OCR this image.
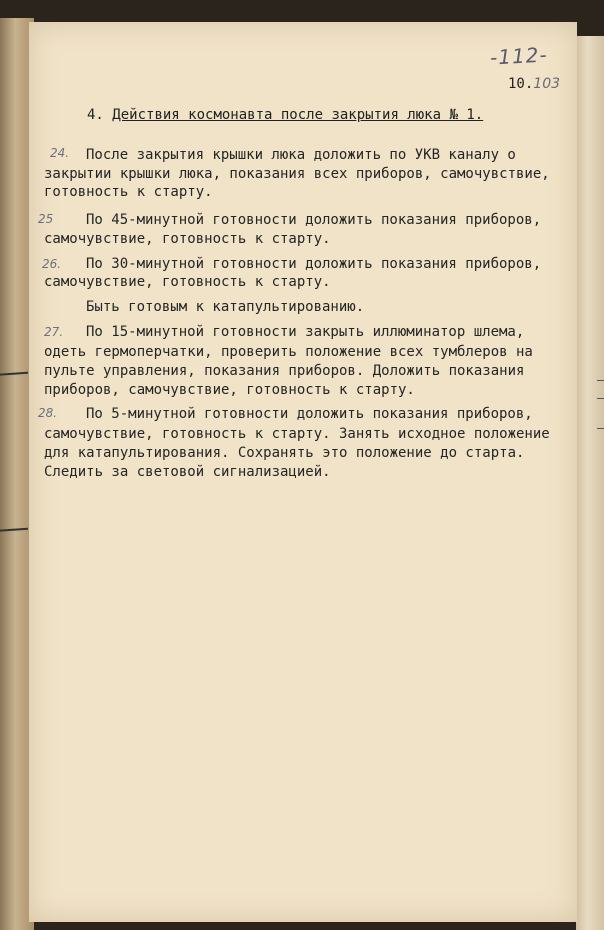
-112-
10.103
4. Действия космонавта после закрытия люка № 1.
24. После закрытия крышки люка доложить по УКВ каналу о

закрытии крышки люка, показания всех приборов, самочувствие,

готовность к старту.

25 По 45-минутной готовности доложить показания приборов,

самочувствие, готовность к старту.

26. По 30-минутной готовности доложить показания приборов,

самочувствие, готовность к старту.

Быть готовым к катапультированию.

27. По 15-минутной готовности закрыть иллюминатор шлема,

одеть гермоперчатки, проверить положение всех тумблеров на

пульте управления, показания приборов. Доложить показания

приборов, самочувствие, готовность к старту.

28. По 5-минутной готовности доложить показания приборов,

самочувствие, готовность к старту. Занять исходное положение

для катапультирования. Сохранять это положение до старта.

Следить за световой сигнализацией.
